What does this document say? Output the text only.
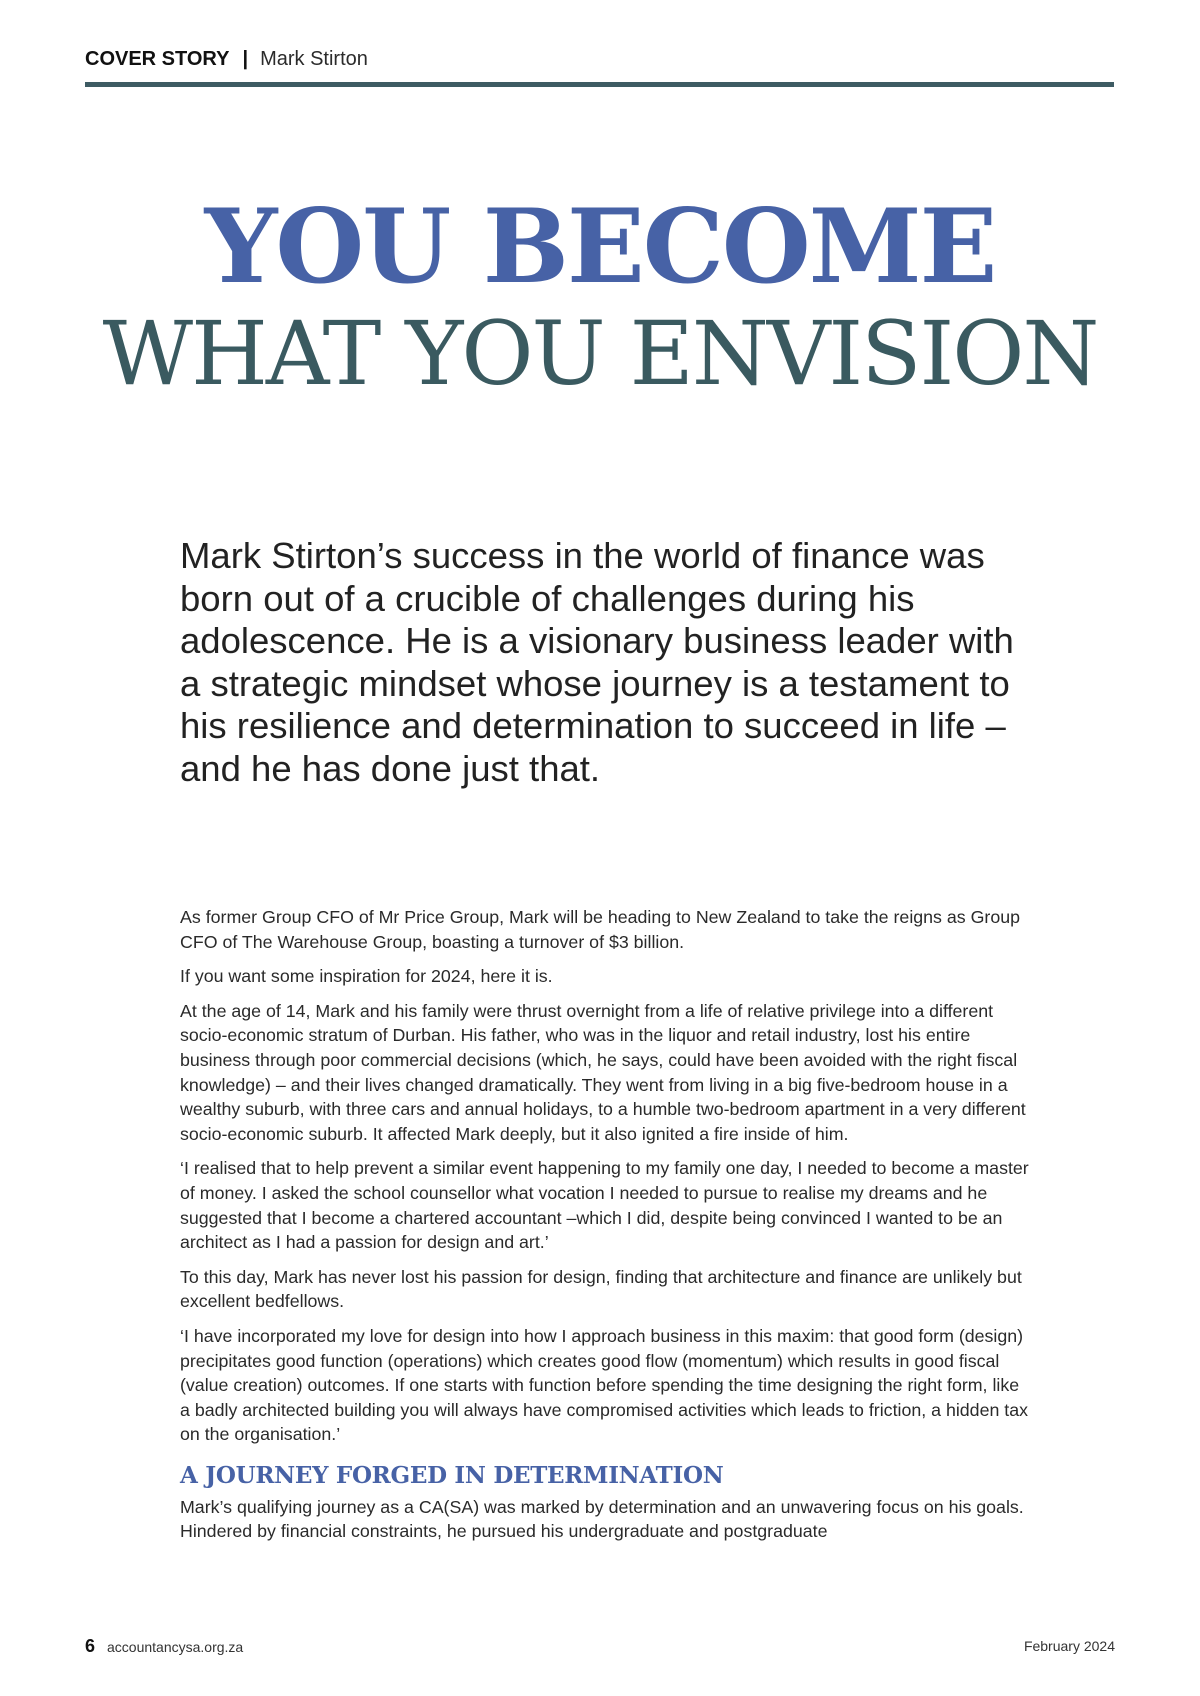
COVER STORY | Mark Stirton
YOU BECOME
WHAT YOU ENVISION

Mark Stirton’s success in the world of finance was born out of a crucible of challenges during his adolescence. He is a visionary business leader with a strategic mindset whose journey is a testament to his resilience and determination to succeed in life – and he has done just that.

As former Group CFO of Mr Price Group, Mark will be heading to New Zealand to take the reigns as Group CFO of The Warehouse Group, boasting a turnover of $3 billion.

If you want some inspiration for 2024, here it is.

At the age of 14, Mark and his family were thrust overnight from a life of relative privilege into a different socio-economic stratum of Durban. His father, who was in the liquor and retail industry, lost his entire business through poor commercial decisions (which, he says, could have been avoided with the right fiscal knowledge) – and their lives changed dramatically. They went from living in a big five-bedroom house in a wealthy suburb, with three cars and annual holidays, to a humble two-bedroom apartment in a very different socio-economic suburb. It affected Mark deeply, but it also ignited a fire inside of him.

‘I realised that to help prevent a similar event happening to my family one day, I needed to become a master of money. I asked the school counsellor what vocation I needed to pursue to realise my dreams and he suggested that I become a chartered accountant –which I did, despite being convinced I wanted to be an architect as I had a passion for design and art.’

To this day, Mark has never lost his passion for design, finding that architecture and finance are unlikely but excellent bedfellows.

‘I have incorporated my love for design into how I approach business in this maxim: that good form (design) precipitates good function (operations) which creates good flow (momentum) which results in good fiscal (value creation) outcomes. If one starts with function before spending the time designing the right form, like a badly architected building you will always have compromised activities which leads to friction, a hidden tax on the organisation.’

A JOURNEY FORGED IN DETERMINATION

Mark’s qualifying journey as a CA(SA) was marked by determination and an unwavering focus on his goals. Hindered by financial constraints, he pursued his undergraduate and postgraduate

6 accountancysa.org.za	February 2024
